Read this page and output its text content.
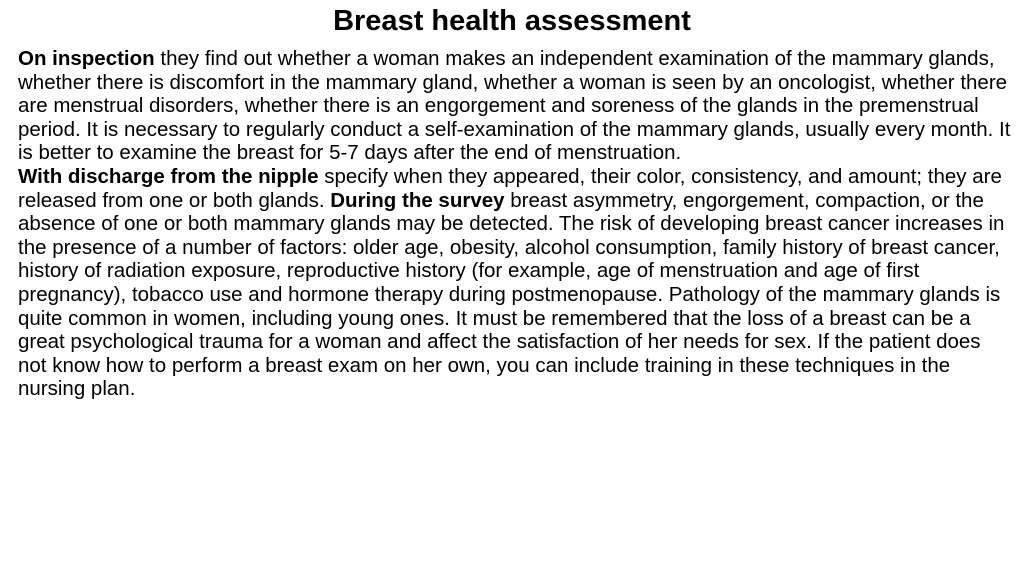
Breast health assessment

On inspection they find out whether a woman makes an independent examination of the mammary glands, whether there is discomfort in the mammary gland, whether a woman is seen by an oncologist, whether there are menstrual disorders, whether there is an engorgement and soreness of the glands in the premenstrual period. It is necessary to regularly conduct a self-examination of the mammary glands, usually every month. It is better to examine the breast for 5-7 days after the end of menstruation.

With discharge from the nipple specify when they appeared, their color, consistency, and amount; they are released from one or both glands. During the survey breast asymmetry, engorgement, compaction, or the absence of one or both mammary glands may be detected. The risk of developing breast cancer increases in the presence of a number of factors: older age, obesity, alcohol consumption, family history of breast cancer, history of radiation exposure, reproductive history (for example, age of menstruation and age of first pregnancy), tobacco use and hormone therapy during postmenopause. Pathology of the mammary glands is quite common in women, including young ones. It must be remembered that the loss of a breast can be a great psychological trauma for a woman and affect the satisfaction of her needs for sex. If the patient does not know how to perform a breast exam on her own, you can include training in these techniques in the nursing plan.
